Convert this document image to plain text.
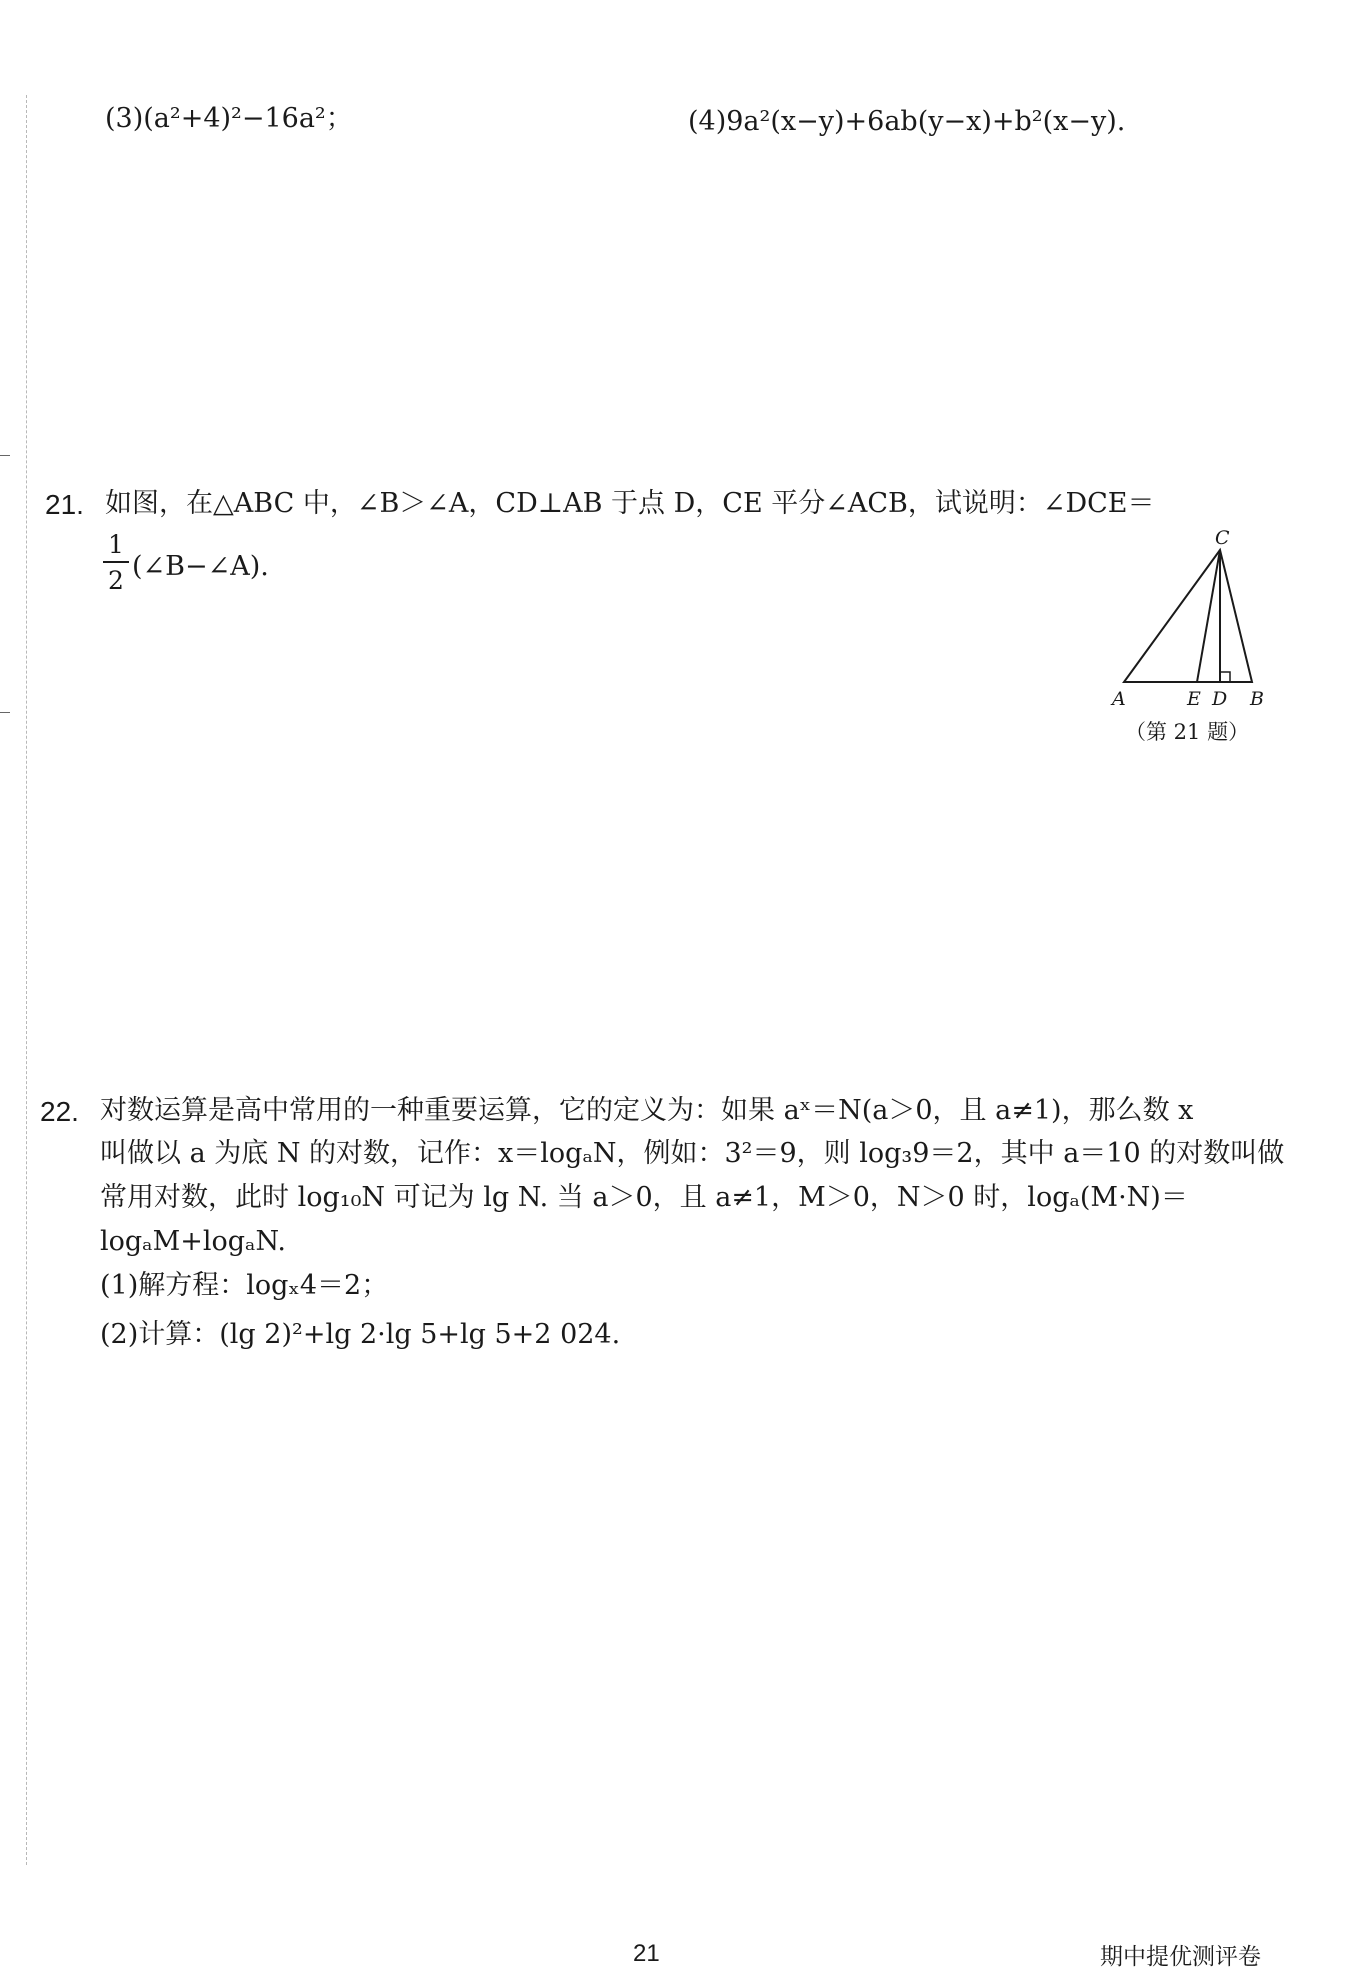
(3)(a²+4)²−16a²；	(4)9a²(x−y)+6ab(y−x)+b²(x−y).
21. 如图，在△ABC 中，∠B＞∠A，CD⊥AB 于点 D，CE 平分∠ACB，试说明：∠DCE＝
1
2 (∠B−∠A).
C
A	E D B
（第 21 题）
22. 对数运算是高中常用的一种重要运算，它的定义为：如果 aˣ＝N(a＞0，且 a≠1)，那么数 x
叫做以 a 为底 N 的对数，记作：x＝logₐN，例如：3²＝9，则 log₃9＝2，其中 a＝10 的对数叫做
常用对数，此时 log₁₀N 可记为 lg N. 当 a＞0，且 a≠1，M＞0，N＞0 时，logₐ(M·N)＝
logₐM+logₐN.
(1)解方程：logₓ4＝2；
(2)计算：(lg 2)²+lg 2·lg 5+lg 5+2 024.
21	期中提优测评卷
